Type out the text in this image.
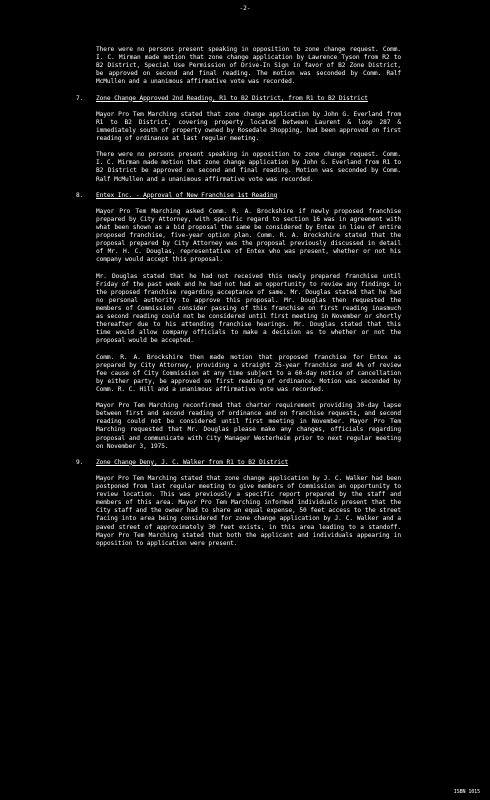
-2-

There were no persons present speaking in opposition to zone change request. Comm. I. C. Mirman made motion that zone change application by Lawrence Tyson from R2 to B2 District, Special Use Permission of Drive-In Sign in favor of B2 Zone District, be approved on second and final reading. The motion was seconded by Comm. Ralf McMullen and a unanimous affirmative vote was recorded.

7. Zone Change Approved 2nd Reading, R1 to B2 District, from R1 to B2 District

Mayor Pro Tem Marching stated that zone change application by John G. Everland from R1 to B2 District, covering property located between Laurent & loop 287 & immediately south of property owned by Rosedale Shopping, had been approved on first reading of ordinance at last regular meeting.

There were no persons present speaking in opposition to zone change request. Comm. I. C. Mirman made motion that zone change application by John G. Everland from R1 to B2 District be approved on second and final reading. Motion was seconded by Comm. Ralf McMullen and a unanimous affirmative vote was recorded.

8. Entex Inc. - Approval of New Franchise 1st Reading

Mayor Pro Tem Marching asked Comm. R. A. Brockshire if newly proposed franchise prepared by City Attorney, with specific regard to section 16 was in agreement with what been shown as a bid proposal the same be considered by Entex in lieu of entire proposed franchise, five-year option plan. Comm. R. A. Brockshire stated that the proposal prepared by City Attorney was the proposal previously discussed in detail of Mr. H. C. Douglas, representative of Entex who was present, whether or not his company would accept this proposal.

Mr. Douglas stated that he had not received this newly prepared franchise until Friday of the past week and he had not had an opportunity to review any findings in the proposed franchise regarding acceptance of same. Mr. Douglas stated that he had no personal authority to approve this proposal. Mr. Douglas then requested the members of Commission consider passing of this franchise on first reading inasmuch as second reading could not be considered until first meeting in November or shortly thereafter due to his attending franchise hearings. Mr. Douglas stated that this time would allow company officials to make a decision as to whether or not the proposal would be accepted.

Comm. R. A. Brockshire then made motion that proposed franchise for Entex as prepared by City Attorney, providing a straight 25-year franchise and 4% of review fee cause of City Commission at any time subject to a 60-day notice of cancellation by either party, be approved on first reading of ordinance. Motion was seconded by Comm. R. C. Hill and a unanimous affirmative vote was recorded.

Mayor Pro Tem Marching reconfirmed that charter requirement providing 30-day lapse between first and second reading of ordinance and on franchise requests, and second reading could not be considered until first meeting in November. Mayor Pro Tem Marching requested that Mr. Douglas please make any changes, officials regarding proposal and communicate with City Manager Westerheim prior to next regular meeting on November 3, 1975.

9. Zone Change Deny, J. C. Walker from R1 to B2 District

Mayor Pro Tem Marching stated that zone change application by J. C. Walker had been postponed from last regular meeting to give members of Commission an opportunity to review location. This was previously a specific report prepared by the staff and members of this area. Mayor Pro Tem Marching informed individuals present that the City staff and the owner had to share an equal expense, 50 feet access to the street facing into area being considered for zone change application by J. C. Walker and a paved street of approximately 30 feet exists, in this area leading to a standoff. Mayor Pro Tem Marching stated that both the applicant and individuals appearing in opposition to application were present.

ISBN 1015
